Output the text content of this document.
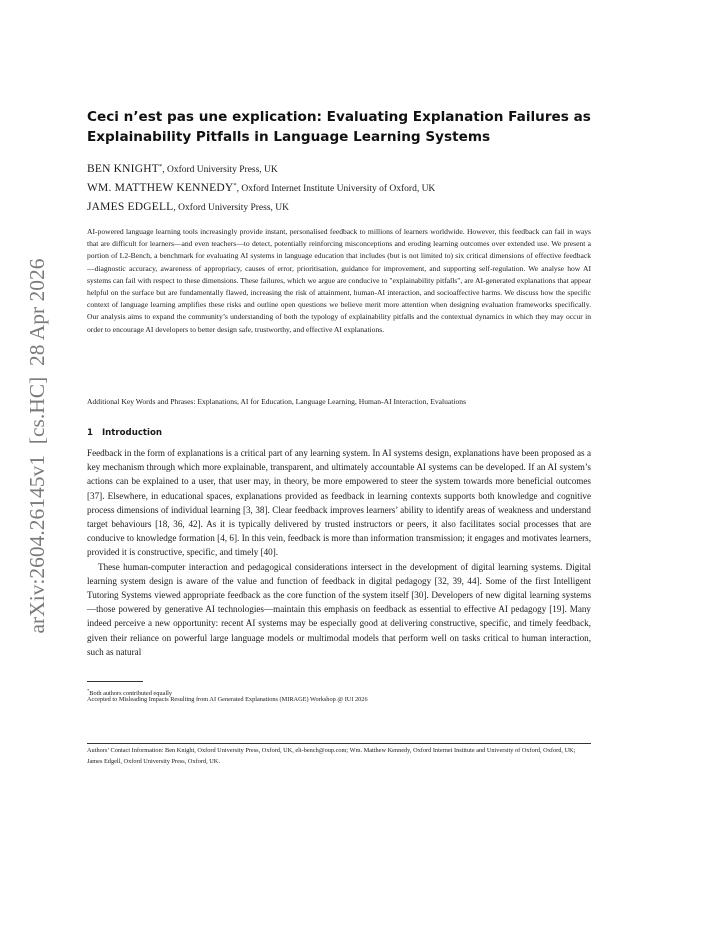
arXiv:2604.26145v1  [cs.HC]  28 Apr 2026
Ceci n’est pas une explication: Evaluating Explanation Failures as Explainability Pitfalls in Language Learning Systems
BEN KNIGHT*, Oxford University Press, UK
WM. MATTHEW KENNEDY*, Oxford Internet Institute University of Oxford, UK
JAMES EDGELL, Oxford University Press, UK

AI-powered language learning tools increasingly provide instant, personalised feedback to millions of learners worldwide. However, this feedback can fail in ways that are difficult for learners—and even teachers—to detect, potentially reinforcing misconceptions and eroding learning outcomes over extended use. We present a portion of L2-Bench, a benchmark for evaluating AI systems in language education that includes (but is not limited to) six critical dimensions of effective feedback—diagnostic accuracy, awareness of appropriacy, causes of error, prioritisation, guidance for improvement, and supporting self-regulation. We analyse how AI systems can fail with respect to these dimensions. These failures, which we argue are conducive to "explainability pitfalls", are AI-generated explanations that appear helpful on the surface but are fundamentally flawed, increasing the risk of attainment, human-AI interaction, and socioaffective harms. We discuss how the specific context of language learning amplifies these risks and outline open questions we believe merit more attention when designing evaluation frameworks specifically. Our analysis aims to expand the community’s understanding of both the typology of explainability pitfalls and the contextual dynamics in which they may occur in order to encourage AI developers to better design safe, trustworthy, and effective AI explanations.

Additional Key Words and Phrases: Explanations, AI for Education, Language Learning, Human-AI Interaction, Evaluations

1 Introduction

Feedback in the form of explanations is a critical part of any learning system. In AI systems design, explanations have been proposed as a key mechanism through which more explainable, transparent, and ultimately accountable AI systems can be developed. If an AI system’s actions can be explained to a user, that user may, in theory, be more empowered to steer the system towards more beneficial outcomes [37]. Elsewhere, in educational spaces, explanations provided as feedback in learning contexts supports both knowledge and cognitive process dimensions of individual learning [3, 38]. Clear feedback improves learners’ ability to identify areas of weakness and understand target behaviours [18, 36, 42]. As it is typically delivered by trusted instructors or peers, it also facilitates social processes that are conducive to knowledge formation [4, 6]. In this vein, feedback is more than information transmission; it engages and motivates learners, provided it is constructive, specific, and timely [40].

These human-computer interaction and pedagogical considerations intersect in the development of digital learning systems. Digital learning system design is aware of the value and function of feedback in digital pedagogy [32, 39, 44]. Some of the first Intelligent Tutoring Systems viewed appropriate feedback as the core function of the system itself [30]. Developers of new digital learning systems—those powered by generative AI technologies—maintain this emphasis on feedback as essential to effective AI pedagogy [19]. Many indeed perceive a new opportunity: recent AI systems may be especially good at delivering constructive, specific, and timely feedback, given their reliance on powerful large language models or multimodal models that perform well on tasks critical to human interaction, such as natural

*Both authors contributed equally

Accepted to Misleading Impacts Resulting from AI Generated Explanations (MIRAGE) Workshop @ IUI 2026

Authors’ Contact Information: Ben Knight, Oxford University Press, Oxford, UK, elt-bench@oup.com; Wm. Matthew Kennedy, Oxford Internet Institute and University of Oxford, Oxford, UK; James Edgell, Oxford University Press, Oxford, UK.
